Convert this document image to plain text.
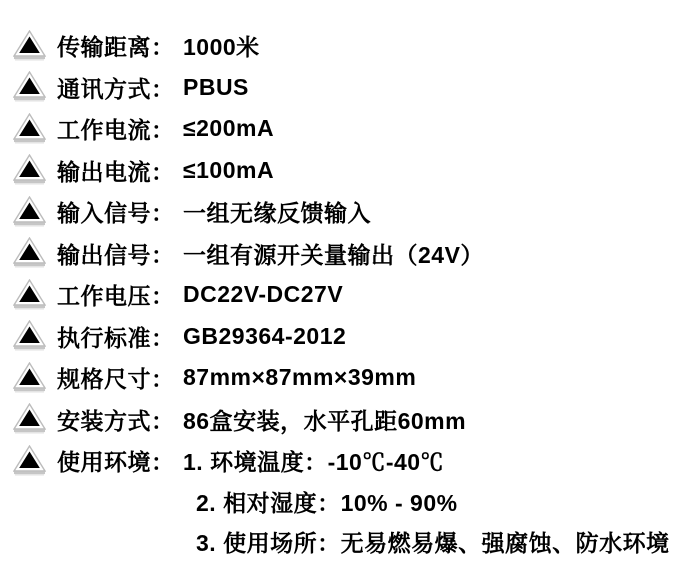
传输距离： 1000米
通讯方式： PBUS
工作电流： ≤200mA
输出电流： ≤100mA
输入信号： 一组无缘反馈输入
输出信号： 一组有源开关量输出（24V）
工作电压： DC22V-DC27V
执行标准： GB29364-2012
规格尺寸： 87mm×87mm×39mm
安装方式： 86盒安装，水平孔距60mm
使用环境： 1. 环境温度：-10℃-40℃
2. 相对湿度：10% - 90%
3. 使用场所：无易燃易爆、强腐蚀、防水环境
